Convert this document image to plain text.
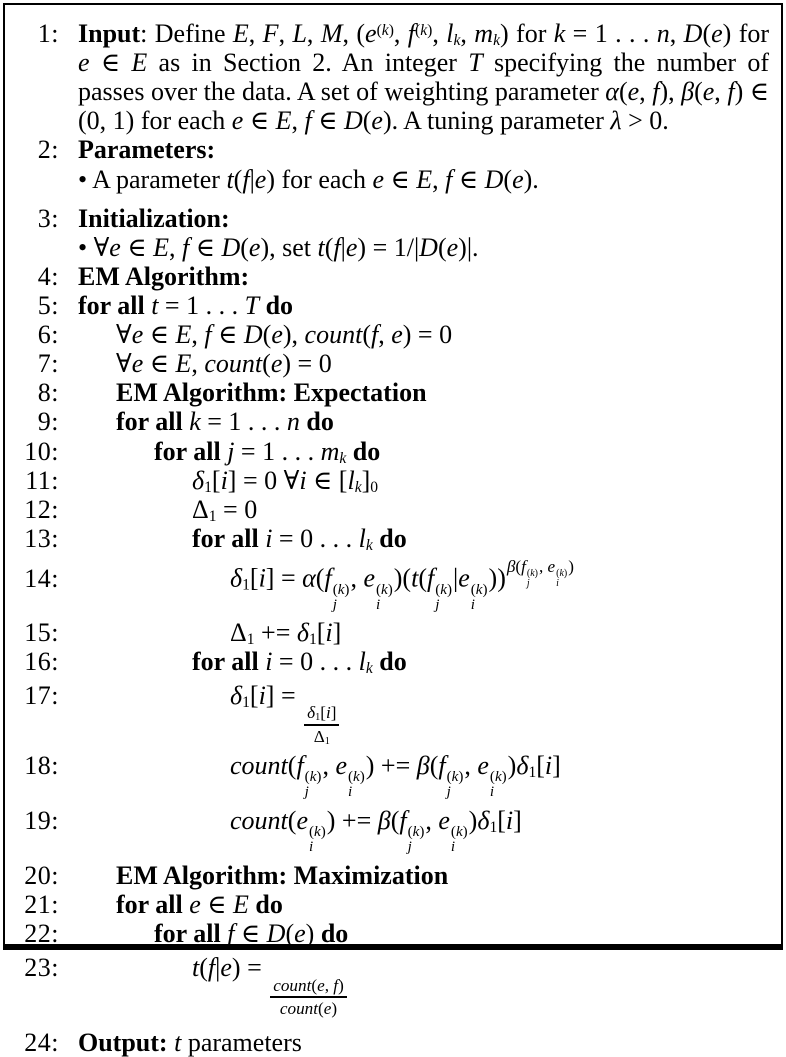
1: Input: Define E, F, L, M, ($e^{(k)}$, $f^{(k)}$, $l_k$, $m_k$) for k = 1 . . . n, D(e) for e ∈ E as in Section 2. An integer T specifying the number of passes over the data. A set of weighting parameter α(e, f), β(e, f) ∈ (0, 1) for each e ∈ E, f ∈ D(e). A tuning parameter λ > 0.
2: Parameters:
• A parameter t(f|e) for each e ∈ E, f ∈ D(e).
3: Initialization:
• ∀e ∈ E, f ∈ D(e), set t(f|e) = 1/|D(e)|.
4: EM Algorithm:
5: for all t = 1 . . . T do
6:	∀e ∈ E, f ∈ D(e), count(f, e) = 0
7:	∀e ∈ E, count(e) = 0
8:	EM Algorithm: Expectation
9:	for all k = 1 . . . n do
10:	for all j = 1 . . . $m_k$ do
11:	$\delta_1[i] = 0$ ∀i ∈ $[l_k]_0$
12:	$\Delta_1 = 0$
13:	for all i = 0 . . . $l_k$ do
14:	$\delta_1[i] = \alpha(f$ (k)
j
, e (k)
i
)(t(f (k)
j
|e (k)
i
))β(f (k)
j
, e (k)
i
)
15:	$\Delta_1 += \delta_1[i]$
16:	for all i = 0 . . . $l_k$ do
17:	$\delta_1[i]$ =
$\frac{\delta_1[i]}{\Delta_1}$
18:	count(f (k)
j
, e (k)
i
) += β(f (k)
j
, e (k)
i
)$\delta_1[i]$
19:	count(e (k)
i
) += β(f (k)
j
, e (k)
i
)$\delta_1[i]$
20:	EM Algorithm: Maximization
21:	for all e ∈ E do
22:	for all f ∈ D(e) do
23:	t(f|e) =
$\frac{\text{count(e, f)}}{\text{count(e)}}$
24: Output: t parameters
